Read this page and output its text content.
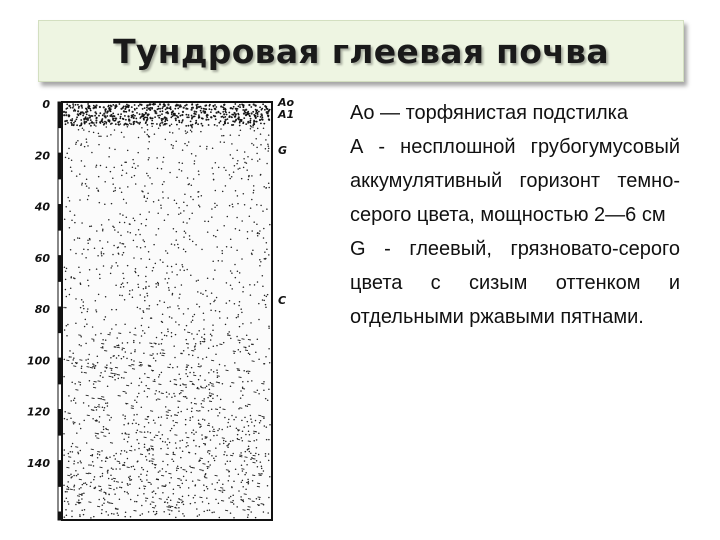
Тундровая глеевая почва
0
20
40
60
80
100
120
140
Ao
A1
G
C

Ао — торфянистая подстилка

А - несплошной грубогумусовый аккумулятивный горизонт темно-серого цвета, мощностью 2—6 см

G - глеевый, грязновато-серого цвета с сизым оттенком и отдельными ржавыми пятнами.
